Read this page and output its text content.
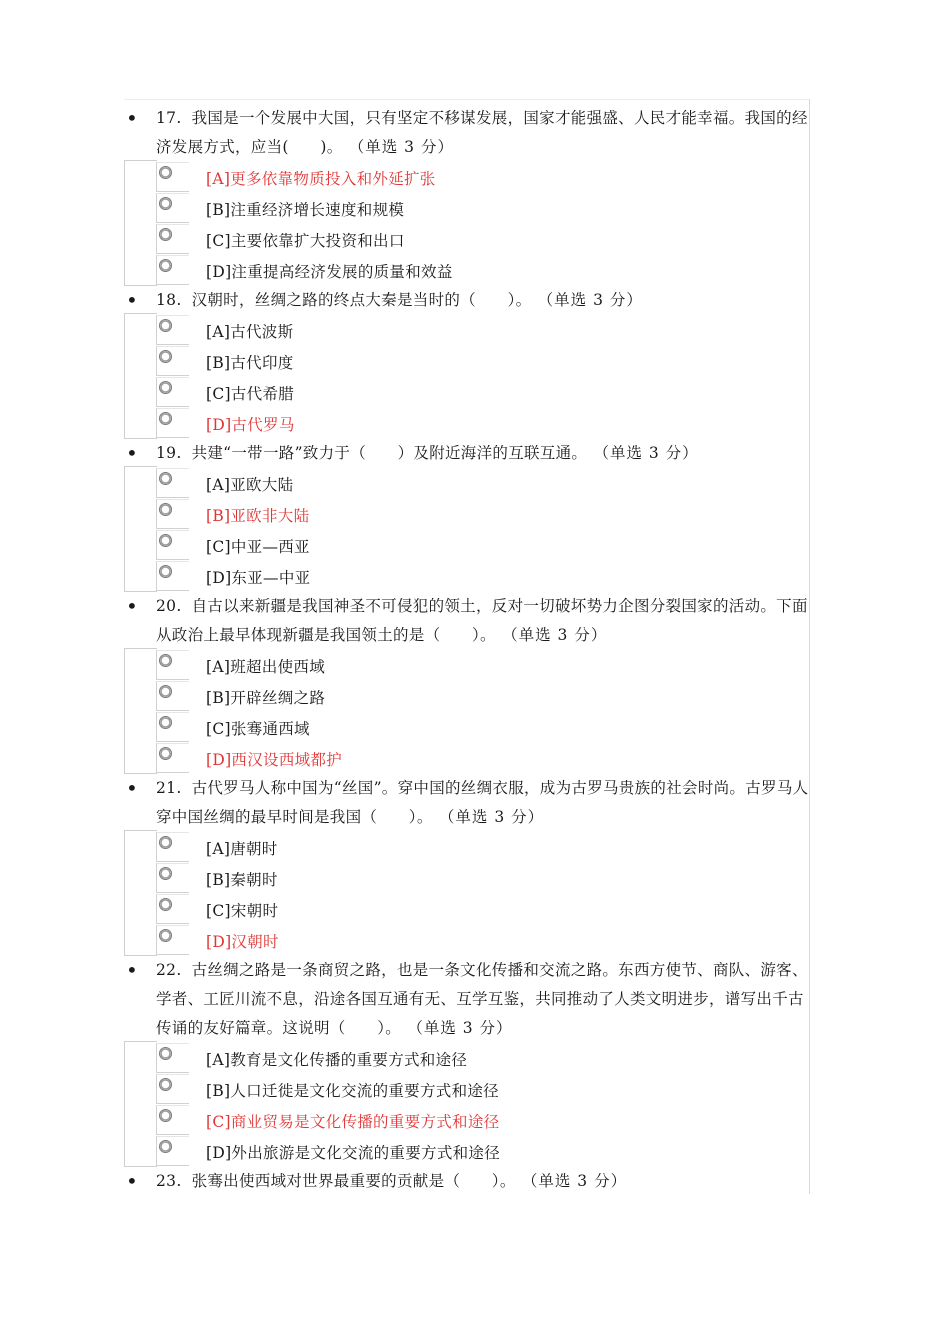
• 17. 我国是一个发展中大国，只有坚定不移谋发展，国家才能强盛、人民才能幸福。我国的经济发展方式，应当(　　)。 （单选 3 分）
[A]更多依靠物质投入和外延扩张
[B]注重经济增长速度和规模
[C]主要依靠扩大投资和出口
[D]注重提高经济发展的质量和效益
• 18. 汉朝时，丝绸之路的终点大秦是当时的（　　）。 （单选 3 分）
[A]古代波斯
[B]古代印度
[C]古代希腊
[D]古代罗马
• 19. 共建“一带一路”致力于（　　）及附近海洋的互联互通。 （单选 3 分）
[A]亚欧大陆
[B]亚欧非大陆
[C]中亚—西亚
[D]东亚—中亚
• 20. 自古以来新疆是我国神圣不可侵犯的领土，反对一切破坏势力企图分裂国家的活动。下面从政治上最早体现新疆是我国领土的是（　　）。 （单选 3 分）
[A]班超出使西域
[B]开辟丝绸之路
[C]张骞通西域
[D]西汉设西域都护
• 21. 古代罗马人称中国为“丝国”。穿中国的丝绸衣服，成为古罗马贵族的社会时尚。古罗马人穿中国丝绸的最早时间是我国（　　）。 （单选 3 分）
[A]唐朝时
[B]秦朝时
[C]宋朝时
[D]汉朝时
• 22. 古丝绸之路是一条商贸之路，也是一条文化传播和交流之路。东西方使节、商队、游客、学者、工匠川流不息，沿途各国互通有无、互学互鉴，共同推动了人类文明进步，谱写出千古传诵的友好篇章。这说明（　　）。 （单选 3 分）
[A]教育是文化传播的重要方式和途径
[B]人口迁徙是文化交流的重要方式和途径
[C]商业贸易是文化传播的重要方式和途径
[D]外出旅游是文化交流的重要方式和途径
• 23. 张骞出使西域对世界最重要的贡献是（　　）。 （单选 3 分）
